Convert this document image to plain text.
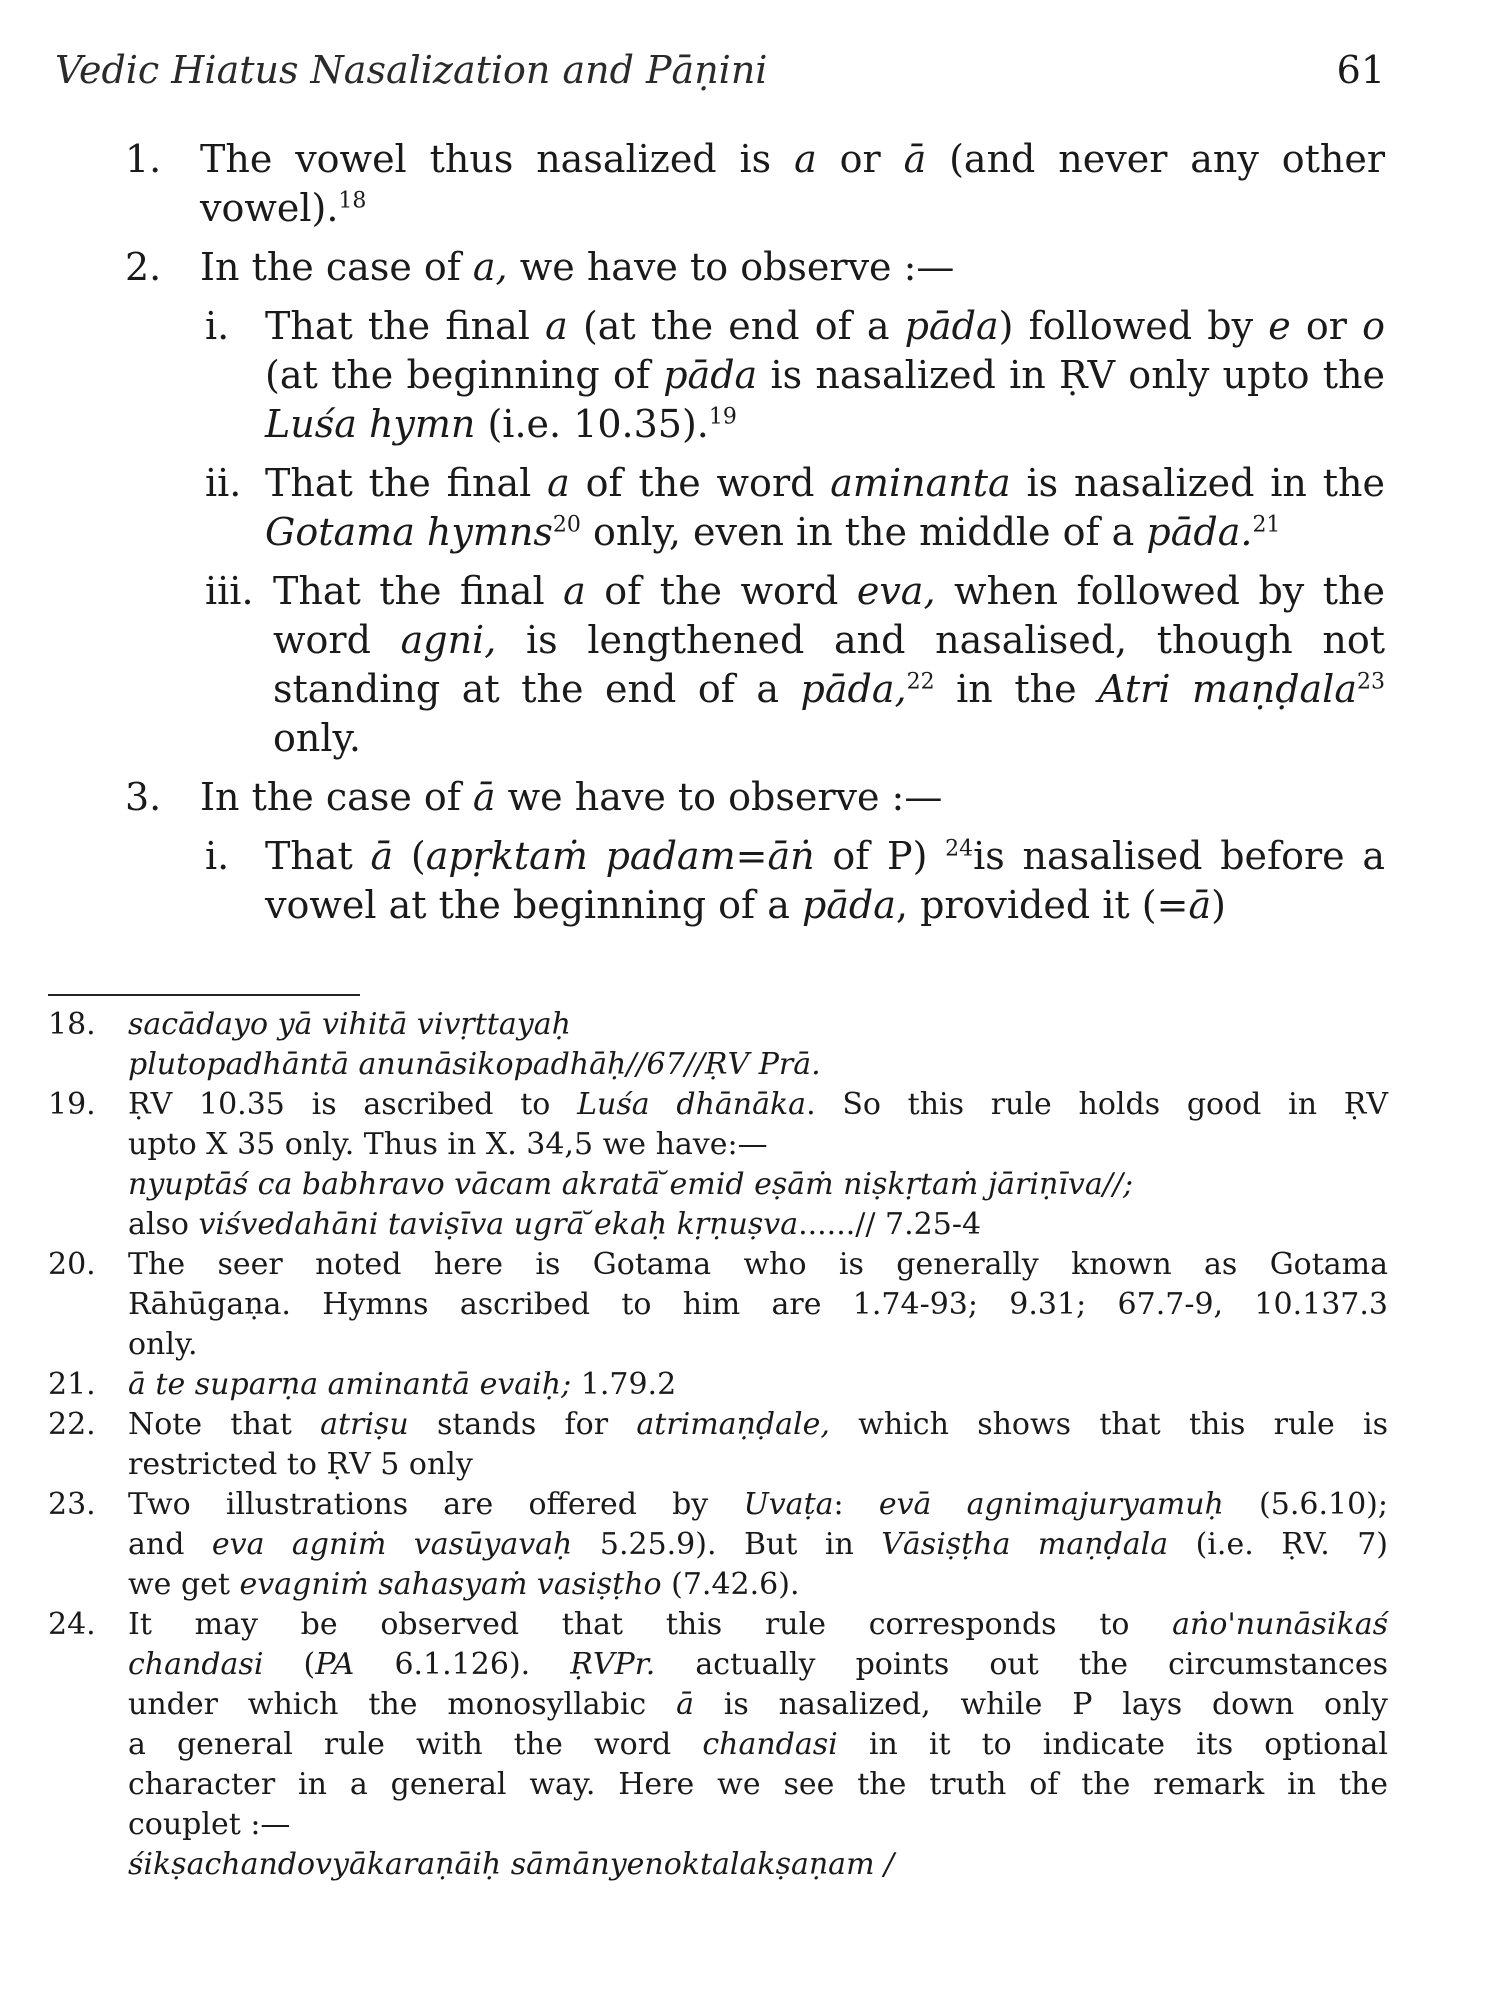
Vedic Hiatus Nasalization and Pāṇini	61
1. The vowel thus nasalized is a or ā (and never any other vowel).$^{18}$
2. In the case of a, we have to observe :—
i. That the final a (at the end of a pāda) followed by e or o (at the beginning of pāda is nasalized in ṚV only upto the Luśa hymn (i.e. 10.35).$^{19}$
ii. That the final a of the word aminanta is nasalized in the Gotama hymns$^{20}$ only, even in the middle of a pāda.$^{21}$
iii. That the final a of the word eva, when followed by the word agni, is lengthened and nasalised, though not standing at the end of a pāda,$^{22}$ in the Atri maṇḍala$^{23}$ only.
3. In the case of ā we have to observe :—
i. That ā (apṛktaṁ padam=āṅ of P) $^{24}$is nasalised before a vowel at the beginning of a pāda, provided it (=ā)
18. sacādayo yā vihitā vivṛttayaḥ
plutopadhāntā anunāsikopadhāḥ//67//ṚV Prā.
19. ṚV 10.35 is ascribed to Luśa dhānāka. So this rule holds good in ṚV
upto X 35 only. Thus in X. 34,5 we have:—
nyuptāś ca babhravo vācam akratā ̆emid eṣāṁ niṣkṛtaṁ jāriṇīva//;
also viśvedahāni taviṣīva ugrā ̆ekaḥ kṛṇuṣva......// 7.25-4
20. The seer noted here is Gotama who is generally known as Gotama
Rāhūgaṇa. Hymns ascribed to him are 1.74-93; 9.31; 67.7-9, 10.137.3
only.
21. ā te suparṇa aminantā evaiḥ; 1.79.2
22. Note that atriṣu stands for atrimaṇḍale, which shows that this rule is
restricted to ṚV 5 only
23. Two illustrations are offered by Uvaṭa: evā agnimajuryamuḥ (5.6.10);
and eva agniṁ vasūyavaḥ 5.25.9). But in Vāsiṣṭha maṇḍala (i.e. ṚV. 7)
we get evagniṁ sahasyaṁ vasiṣṭho (7.42.6).
24. It may be observed that this rule corresponds to aṅo'nunāsikaś
chandasi (PA 6.1.126). ṚVPr. actually points out the circumstances
under which the monosyllabic ā is nasalized, while P lays down only
a general rule with the word chandasi in it to indicate its optional
character in a general way. Here we see the truth of the remark in the
couplet :—
śikṣachandovyākaraṇāiḥ sāmānyenoktalakṣaṇam /
